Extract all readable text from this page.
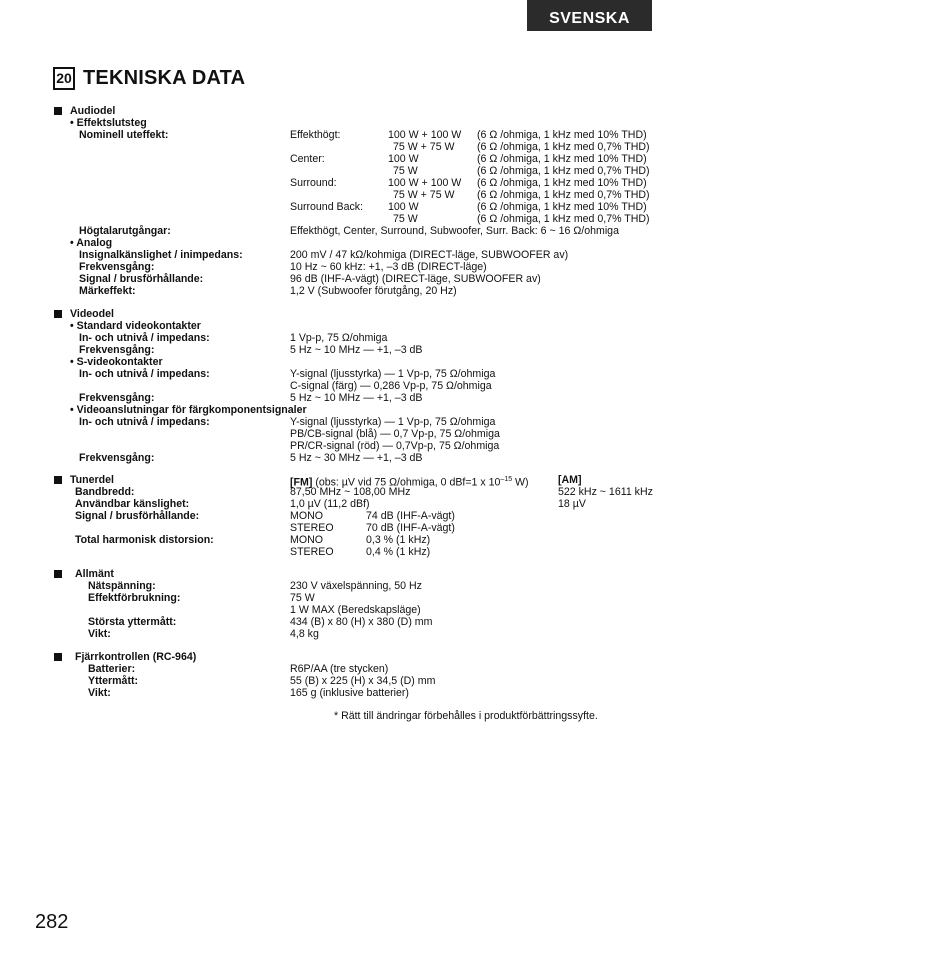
SVENSKA
20 TEKNISKA DATA
Audiodel
• Effektslutsteg
Nominell uteffekt:	Effekthögt:	100 W + 100 W (6 Ω /ohmiga, 1 kHz med 10% THD)
75 W + 75 W (6 Ω /ohmiga, 1 kHz med 0,7% THD)
Center:	100 W	(6 Ω /ohmiga, 1 kHz med 10% THD)
75 W	(6 Ω /ohmiga, 1 kHz med 0,7% THD)
Surround:	100 W + 100 W (6 Ω /ohmiga, 1 kHz med 10% THD)
75 W + 75 W (6 Ω /ohmiga, 1 kHz med 0,7% THD)
Surround Back: 100 W	(6 Ω /ohmiga, 1 kHz med 10% THD)
75 W	(6 Ω /ohmiga, 1 kHz med 0,7% THD)
Högtalarutgångar:	Effekthögt, Center, Surround, Subwoofer, Surr. Back: 6 ~ 16 Ω/ohmiga
• Analog
Insignalkänslighet / inimpedans:	200 mV / 47 kΩ/kohmiga (DIRECT-läge, SUBWOOFER av)
Frekvensgång:	10 Hz ~ 60 kHz: +1, –3 dB (DIRECT-läge)
Signal / brusförhållande:	96 dB (IHF-A-vägt) (DIRECT-läge, SUBWOOFER av)
Märkeffekt:	1,2 V (Subwoofer förutgång, 20 Hz)
Videodel
• Standard videokontakter
In- och utnivå / impedans:	1 Vp-p, 75 Ω/ohmiga
Frekvensgång:	5 Hz ~ 10 MHz — +1, –3 dB
• S-videokontakter
In- och utnivå / impedans:	Y-signal (ljusstyrka) — 1 Vp-p, 75 Ω/ohmiga
C-signal (färg) — 0,286 Vp-p, 75 Ω/ohmiga
Frekvensgång:	5 Hz ~ 10 MHz — +1, –3 dB
• Videoanslutningar för färgkomponentsignaler
In- och utnivå / impedans:	Y-signal (ljusstyrka) — 1 Vp-p, 75 Ω/ohmiga
PB/CB-signal (blå) — 0,7 Vp-p, 75 Ω/ohmiga
PR/CR-signal (röd) — 0,7Vp-p, 75 Ω/ohmiga
Frekvensgång:	5 Hz ~ 30 MHz — +1, –3 dB
Tunerdel	[FM] (obs: µV vid 75 Ω/ohmiga, 0 dBf=1 x $10^{-15}$ W)	[AM]
Bandbredd:	87,50 MHz ~ 108,00 MHz	522 kHz ~ 1611 kHz
Användbar känslighet:	1,0 µV (11,2 dBf)	18 µV
Signal / brusförhållande:	MONO	74 dB (IHF-A-vägt)
STEREO	70 dB (IHF-A-vägt)
Total harmonisk distorsion:	MONO	0,3 % (1 kHz)
STEREO	0,4 % (1 kHz)
Allmänt
Nätspänning:	230 V växelspänning, 50 Hz
Effektförbrukning:	75 W
1 W MAX (Beredskapsläge)
Största yttermått:	434 (B) x 80 (H) x 380 (D) mm
Vikt:	4,8 kg
Fjärrkontrollen (RC-964)
Batterier:	R6P/AA (tre stycken)
Yttermått:	55 (B) x 225 (H) x 34,5 (D) mm
Vikt:	165 g (inklusive batterier)
* Rätt till ändringar förbehålles i produktförbättringssyfte.
282
